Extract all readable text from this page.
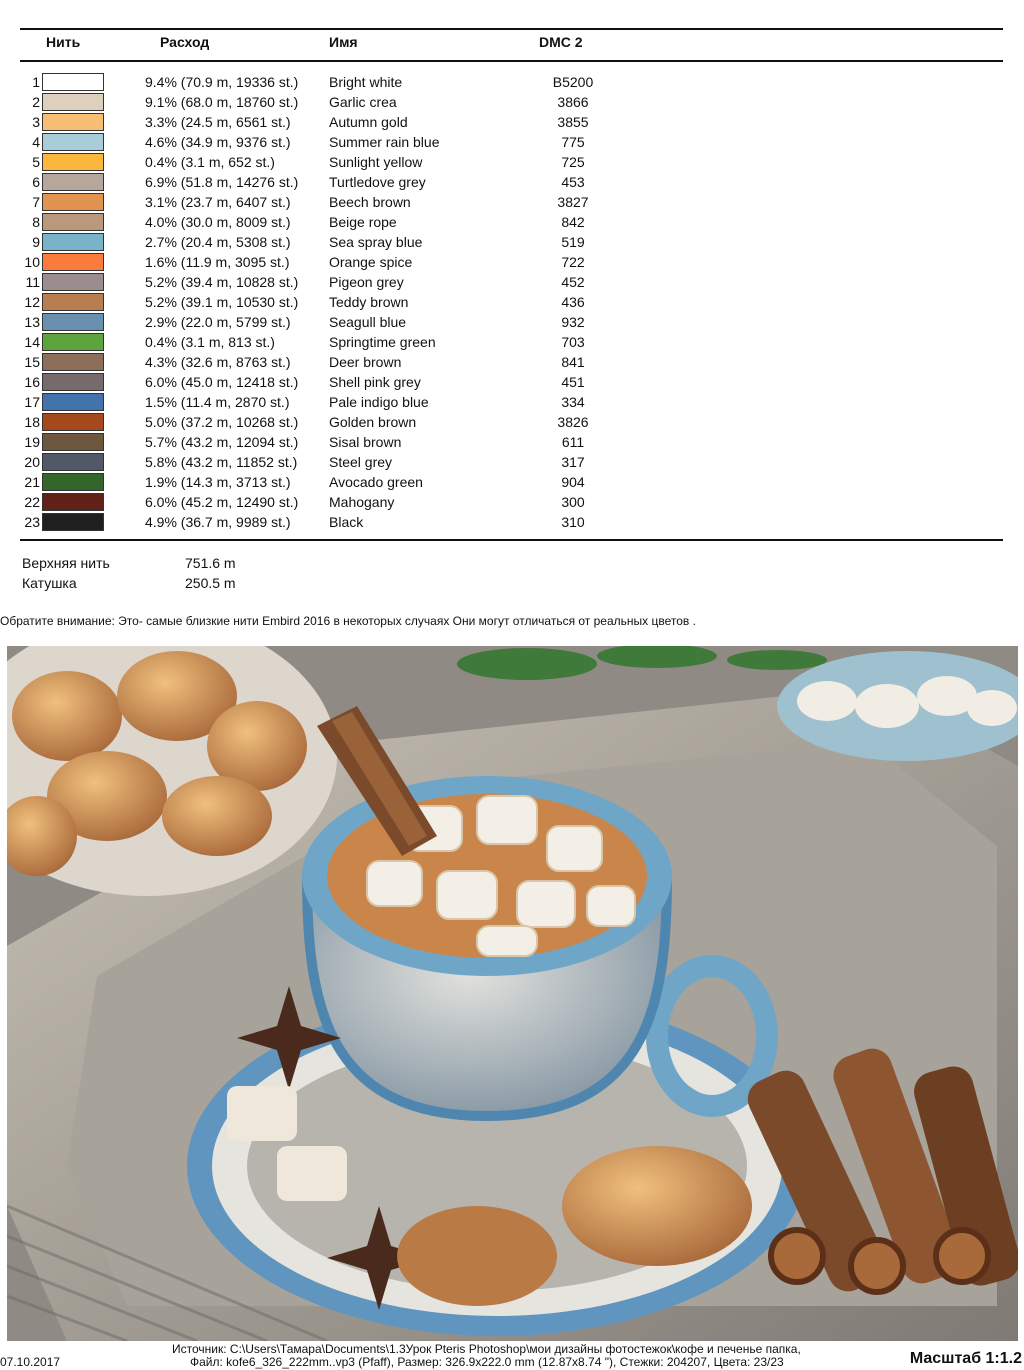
Нить	Расход	Имя	DMC 2
1	9.4% (70.9 m, 19336 st.) Bright white	B5200
2	9.1% (68.0 m, 18760 st.) Garlic crea	3866
3	3.3% (24.5 m, 6561 st.)	Autumn gold	3855
4	4.6% (34.9 m, 9376 st.)	Summer rain blue	775
5	0.4% (3.1 m, 652 st.)	Sunlight yellow	725
6	6.9% (51.8 m, 14276 st.) Turtledove grey	453
7	3.1% (23.7 m, 6407 st.)	Beech brown	3827
8	4.0% (30.0 m, 8009 st.)	Beige rope	842
9	2.7% (20.4 m, 5308 st.)	Sea spray blue	519
10	1.6% (11.9 m, 3095 st.)	Orange spice	722
11	5.2% (39.4 m, 10828 st.) Pigeon grey	452
12	5.2% (39.1 m, 10530 st.) Teddy brown	436
13	2.9% (22.0 m, 5799 st.)	Seagull blue	932
14	0.4% (3.1 m, 813 st.)	Springtime green	703
15	4.3% (32.6 m, 8763 st.)	Deer brown	841
16	6.0% (45.0 m, 12418 st.) Shell pink grey	451
17	1.5% (11.4 m, 2870 st.)	Pale indigo blue	334
18	5.0% (37.2 m, 10268 st.) Golden brown	3826
19	5.7% (43.2 m, 12094 st.) Sisal brown	611
20	5.8% (43.2 m, 11852 st.) Steel grey	317
21	1.9% (14.3 m, 3713 st.)	Avocado green	904
22	6.0% (45.2 m, 12490 st.) Mahogany	300
23	4.9% (36.7 m, 9989 st.)	Black	310
Верхняя нить	751.6 m
Катушка	250.5 m
Обратите внимание: Это- самые близкие нити Embird 2016 в некоторых случаях Они могут отличаться от реальных цветов .
07.10.2017
Источник: C:\Users\Тамара\Documents\1.3Урок Pteris Photoshop\мои дизайны фотостежок\кофе и печенье папка,
Файл: kofe6_326_222mm..vp3 (Pfaff), Размер: 326.9x222.0 mm (12.87x8.74 "), Стежки: 204207, Цвета: 23/23	Масштаб 1:1.2
